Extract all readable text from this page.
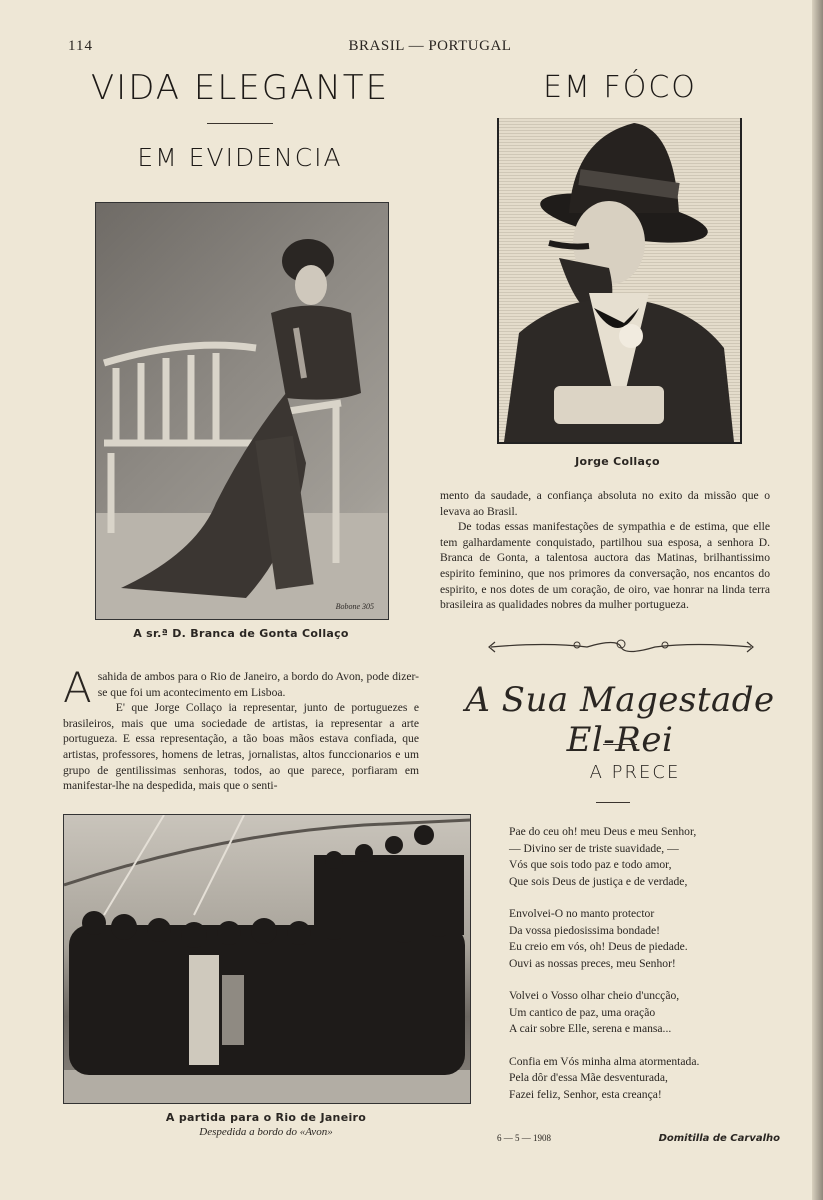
114	BRASIL — PORTUGAL
VIDA ELEGANTE
EM EVIDENCIA
EM FÓCO
Bobone 305
A sr.ª D. Branca de Gonta Collaço
Jorge Collaço
A sahida de ambos para o Rio de Janeiro, a bordo do Avon, pode dizer-se que foi um acontecimento em Lisboa.

E' que Jorge Collaço ia representar, junto de portuguezes e brasileiros, mais que uma sociedade de artistas, ia representar a arte portugueza. E essa representação, a tão boas mãos estava confiada, que artistas, professores, homens de letras, jornalistas, altos funccionarios e um grupo de gentilissimas senhoras, todos, ao que parece, porfiaram em manifestar-lhe na despedida, mais que o senti-

mento da saudade, a confiança absoluta no exito da missão que o levava ao Brasil.

De todas essas manifestações de sympathia e de estima, que elle tem galhardamente conquistado, partilhou sua esposa, a senhora D. Branca de Gonta, a talentosa auctora das Matinas, brilhantissimo espirito feminino, que nos primores da conversação, nos encantos do espirito, e nos dotes de um coração, de oiro, vae honrar na linda terra brasileira as qualidades nobres da mulher portugueza.

A Sua Magestade El-Rei
A PRECE
Pae do ceu oh! meu Deus e meu Senhor,
— Divino ser de triste suavidade, —
Vós que sois todo paz e todo amor,
Que sois Deus de justiça e de verdade,
Envolvei-O no manto protector
Da vossa piedosissima bondade!
Eu creio em vós, oh! Deus de piedade.
Ouvi as nossas preces, meu Senhor!
Volvei o Vosso olhar cheio d'uncção,
Um cantico de paz, uma oração
A cair sobre Elle, serena e mansa...
Confia em Vós minha alma atormentada.
Pela dôr d'essa Mãe desventurada,
Fazei feliz, Senhor, esta creança!
6 — 5 — 1908	Domitilla de Carvalho
A partida para o Rio de Janeiro
Despedida a bordo do «Avon»
